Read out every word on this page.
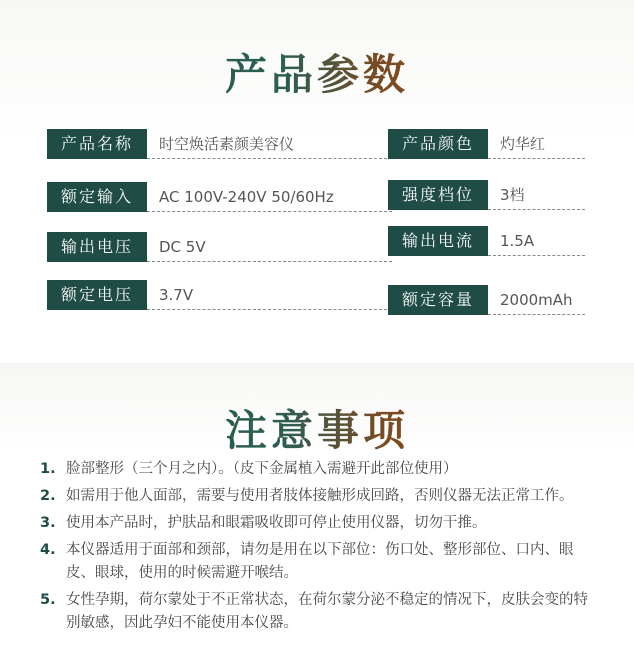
产品参数
产品名称	时空焕活素颜美容仪
额定输入	AC 100V-240V 50/60Hz
输出电压	DC 5V
额定电压	3.7V
产品颜色	灼华红
强度档位	3档
输出电流	1.5A
额定容量	2000mAh
注意事项
1. 脸部整形（三个月之内）。（皮下金属植入需避开此部位使用）
2. 如需用于他人面部，需要与使用者肢体接触形成回路，否则仪器无法正常工作。
3. 使用本产品时，护肤品和眼霜吸收即可停止使用仪器，切勿干推。
4. 本仪器适用于面部和颈部，请勿是用在以下部位：伤口处、整形部位、口内、眼皮、眼球，使用的时候需避开喉结。
5. 女性孕期，荷尔蒙处于不正常状态，在荷尔蒙分泌不稳定的情况下，皮肤会变的特别敏感，因此孕妇不能使用本仪器。
